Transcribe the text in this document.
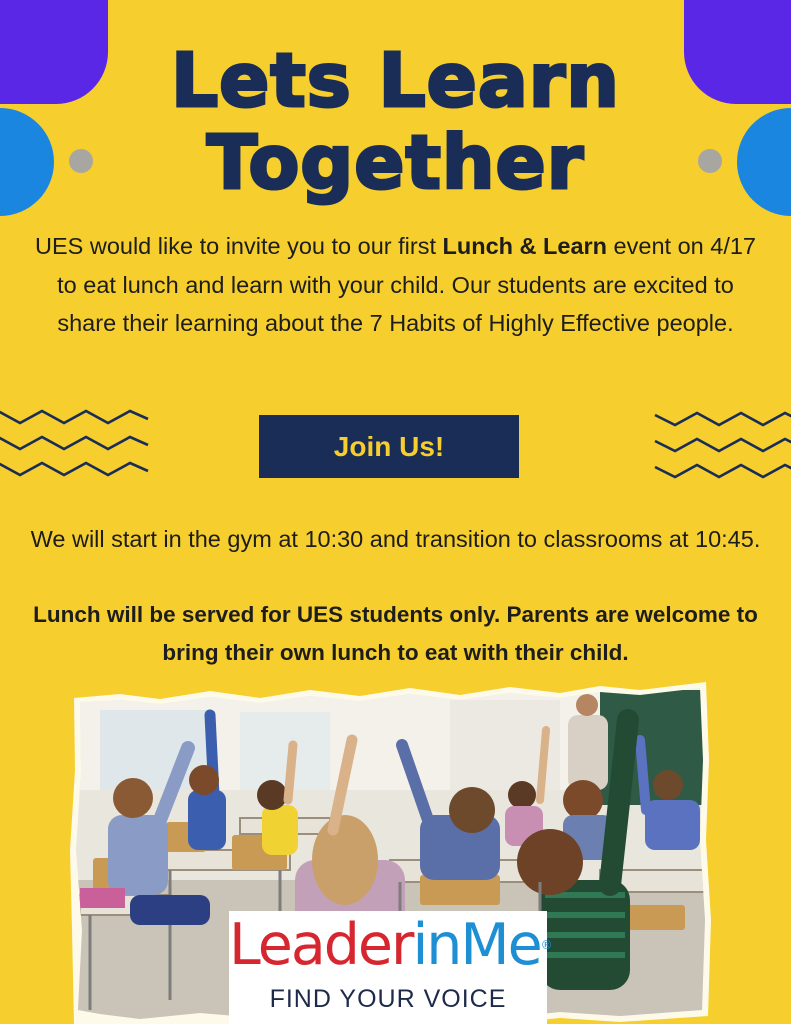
Lets Learn
Together
UES would like to invite you to our first Lunch & Learn event on 4/17 to eat lunch and learn with your child. Our students are excited to share their learning about the 7 Habits of Highly Effective people.
Join Us!
We will start in the gym at 10:30 and transition to classrooms at 10:45.
Lunch will be served for UES students only. Parents are welcome to bring their own lunch to eat with their child.
LeaderinMe®
FIND YOUR VOICE
